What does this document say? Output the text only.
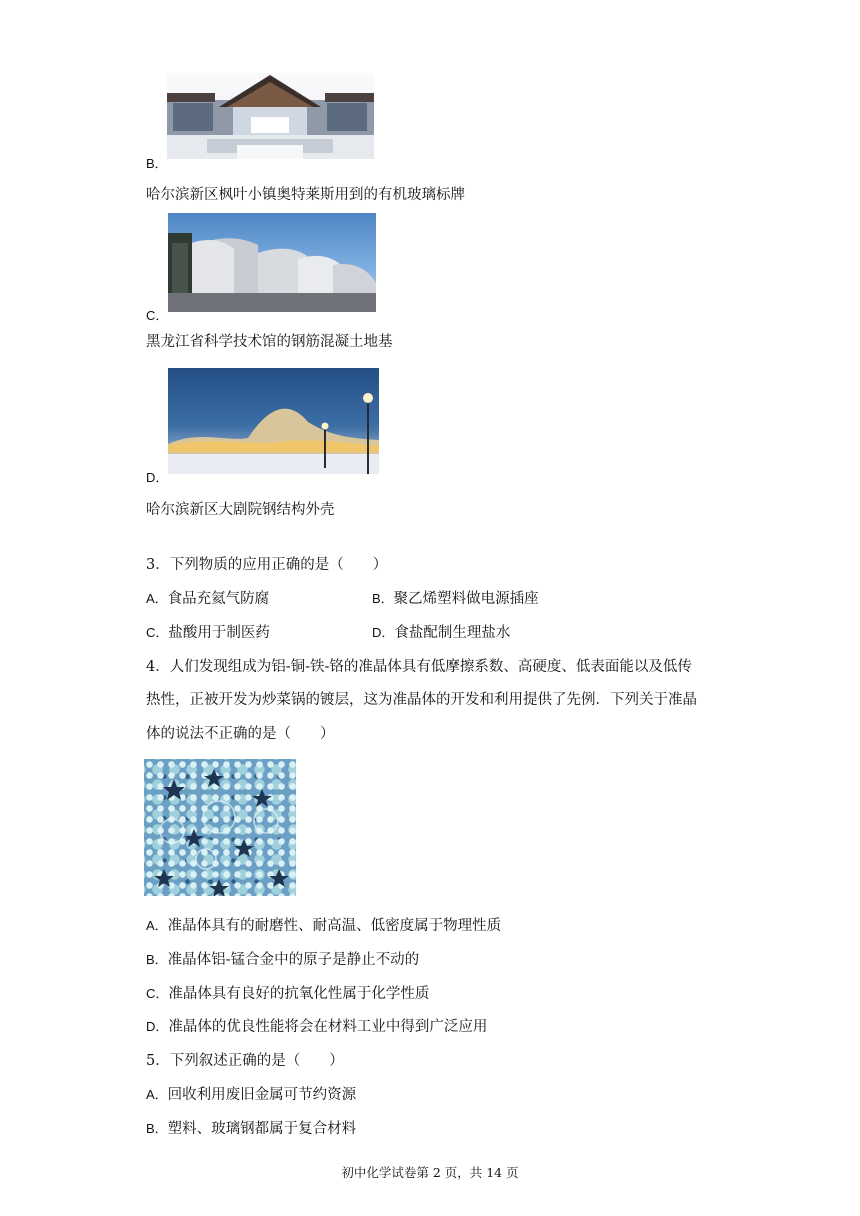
B．
哈尔滨新区枫叶小镇奥特莱斯用到的有机玻璃标牌
C．
黑龙江省科学技术馆的钢筋混凝土地基
D．
哈尔滨新区大剧院钢结构外壳
3．下列物质的应用正确的是（　　）
A．食品充氦气防腐	B．聚乙烯塑料做电源插座
C．盐酸用于制医药	D．食盐配制生理盐水
4．人们发现组成为铝-铜-铁-铬的准晶体具有低摩擦系数、高硬度、低表面能以及低传
热性，正被开发为炒菜锅的镀层，这为准晶体的开发和利用提供了先例．下列关于准晶
体的说法不正确的是（　　）
A．准晶体具有的耐磨性、耐高温、低密度属于物理性质
B．准晶体铝-锰合金中的原子是静止不动的
C．准晶体具有良好的抗氧化性属于化学性质
D．准晶体的优良性能将会在材料工业中得到广泛应用
5．下列叙述正确的是（　　）
A．回收利用废旧金属可节约资源
B．塑料、玻璃钢都属于复合材料
初中化学试卷第 2 页，共 14 页
